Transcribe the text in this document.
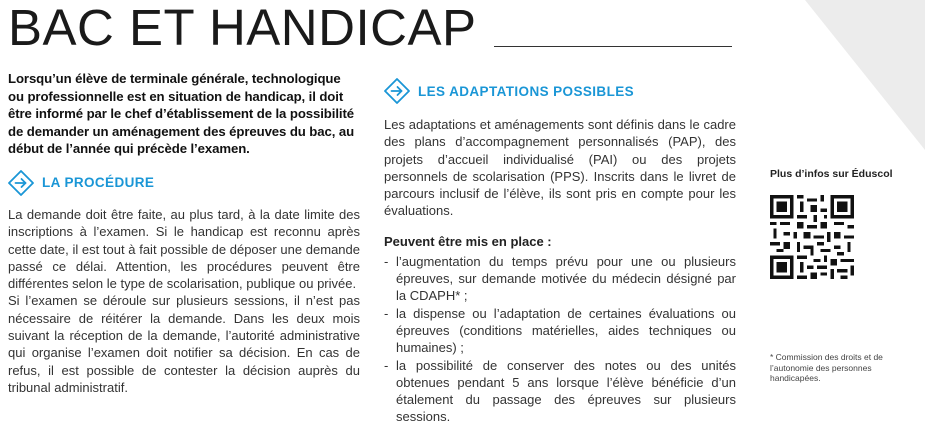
BAC ET HANDICAP

Lorsqu’un élève de terminale générale, technologique ou professionnelle est en situation de handicap, il doit être informé par le chef d’établissement de la possibilité de demander un aménagement des épreuves du bac, au début de l’année qui précède l’examen.

LA PROCÉDURE

La demande doit être faite, au plus tard, à la date limite des inscriptions à l’examen. Si le handicap est reconnu après cette date, il est tout à fait possible de déposer une demande passé ce délai. Attention, les procédures peuvent être différentes selon le type de scolarisation, publique ou privée.

Si l’examen se déroule sur plusieurs sessions, il n’est pas nécessaire de réitérer la demande. Dans les deux mois suivant la réception de la demande, l’autorité administrative qui organise l’examen doit notifier sa décision. En cas de refus, il est possible de contester la décision auprès du tribunal administratif.

LES ADAPTATIONS POSSIBLES

Les adaptations et aménagements sont définis dans le cadre des plans d’accompagnement personnalisés (PAP), des projets d’accueil individualisé (PAI) ou des projets personnels de scolarisation (PPS). Inscrits dans le livret de parcours inclusif de l’élève, ils sont pris en compte pour les évaluations.

Peuvent être mis en place :

- l’augmentation du temps prévu pour une ou plusieurs épreuves, sur demande motivée du médecin désigné par la CDAPH* ;
- la dispense ou l’adaptation de certaines évaluations ou épreuves (conditions matérielles, aides techniques ou humaines) ;
- la possibilité de conserver des notes ou des unités obtenues pendant 5 ans lorsque l’élève bénéficie d’un étalement du passage des épreuves sur plusieurs sessions.

Plus d’infos sur Éduscol

* Commission des droits et de l’autonomie des personnes handicapées.
